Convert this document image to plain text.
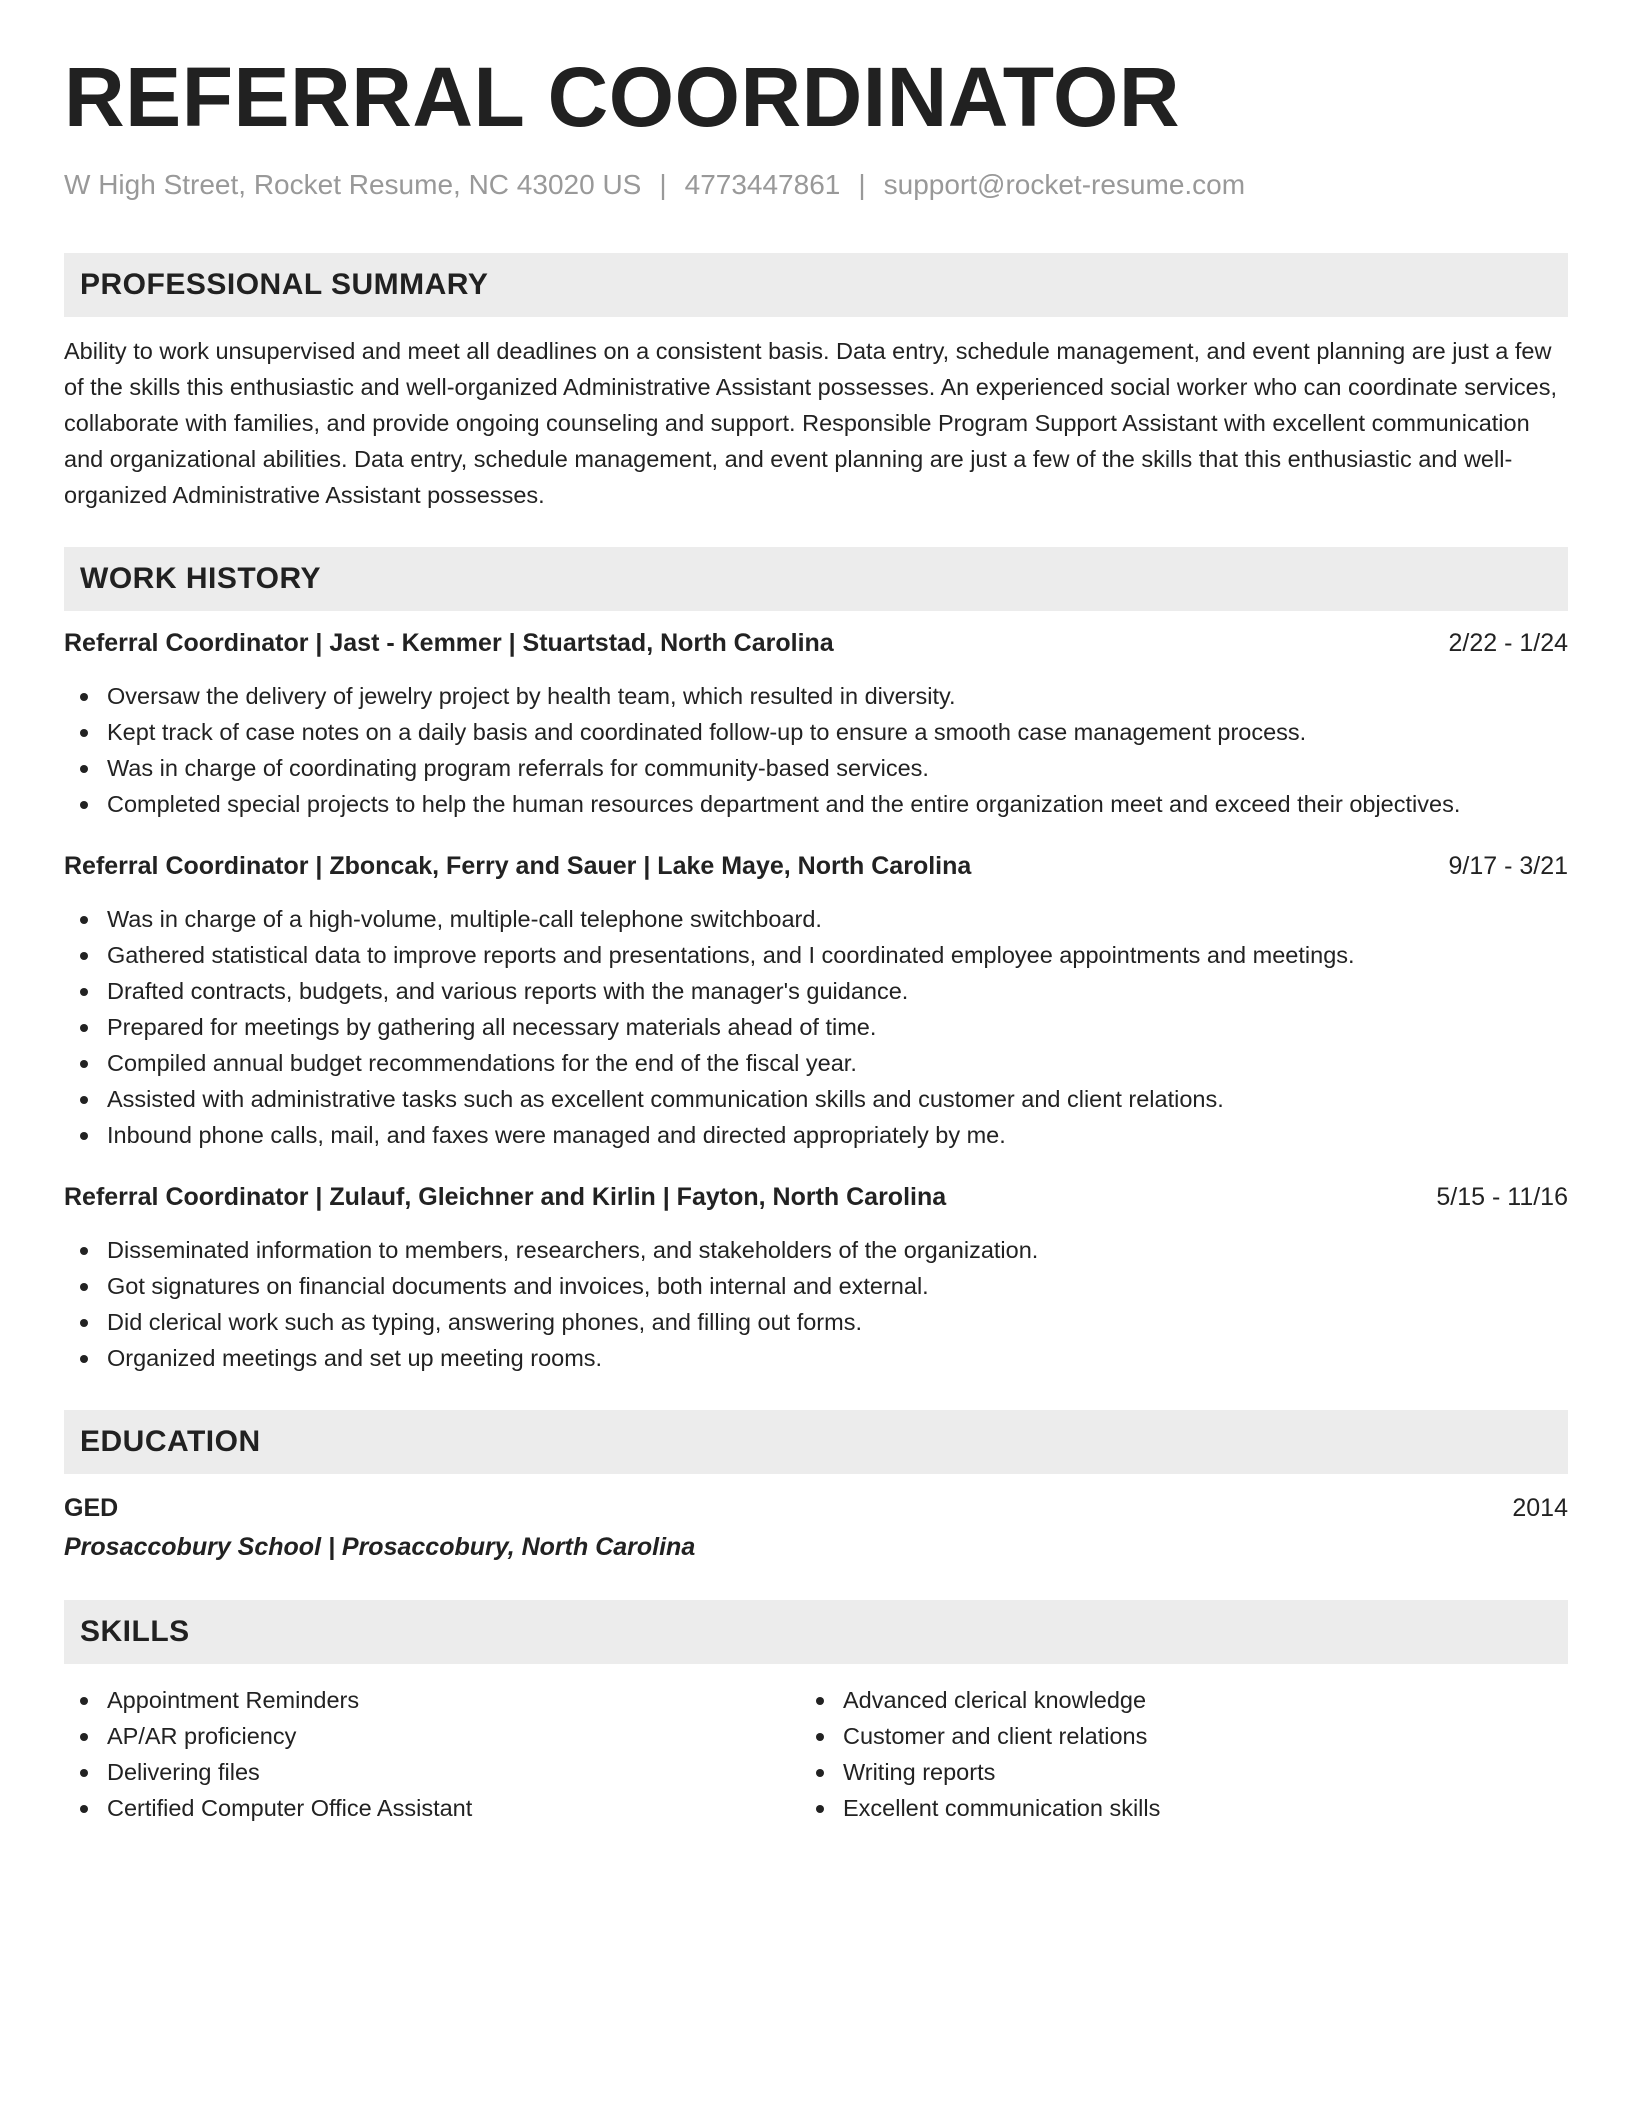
REFERRAL COORDINATOR
W High Street, Rocket Resume, NC 43020 US | 4773447861 | support@rocket-resume.com
PROFESSIONAL SUMMARY

Ability to work unsupervised and meet all deadlines on a consistent basis. Data entry, schedule management, and event planning are just a few of the skills this enthusiastic and well-organized Administrative Assistant possesses. An experienced social worker who can coordinate services, collaborate with families, and provide ongoing counseling and support. Responsible Program Support Assistant with excellent communication and organizational abilities. Data entry, schedule management, and event planning are just a few of the skills that this enthusiastic and well-organized Administrative Assistant possesses.

WORK HISTORY
Referral Coordinator | Jast - Kemmer | Stuartstad, North Carolina	2/22 - 1/24
Oversaw the delivery of jewelry project by health team, which resulted in diversity.
Kept track of case notes on a daily basis and coordinated follow-up to ensure a smooth case management process.
Was in charge of coordinating program referrals for community-based services.
Completed special projects to help the human resources department and the entire organization meet and exceed their objectives.
Referral Coordinator | Zboncak, Ferry and Sauer | Lake Maye, North Carolina	9/17 - 3/21
Was in charge of a high-volume, multiple-call telephone switchboard.
Gathered statistical data to improve reports and presentations, and I coordinated employee appointments and meetings.
Drafted contracts, budgets, and various reports with the manager's guidance.
Prepared for meetings by gathering all necessary materials ahead of time.
Compiled annual budget recommendations for the end of the fiscal year.
Assisted with administrative tasks such as excellent communication skills and customer and client relations.
Inbound phone calls, mail, and faxes were managed and directed appropriately by me.
Referral Coordinator | Zulauf, Gleichner and Kirlin | Fayton, North Carolina	5/15 - 11/16
Disseminated information to members, researchers, and stakeholders of the organization.
Got signatures on financial documents and invoices, both internal and external.
Did clerical work such as typing, answering phones, and filling out forms.
Organized meetings and set up meeting rooms.
EDUCATION
GED	2014
Prosaccobury School | Prosaccobury, North Carolina
SKILLS
Appointment Reminders
AP/AR proficiency
Delivering files
Certified Computer Office Assistant
Advanced clerical knowledge
Customer and client relations
Writing reports
Excellent communication skills
